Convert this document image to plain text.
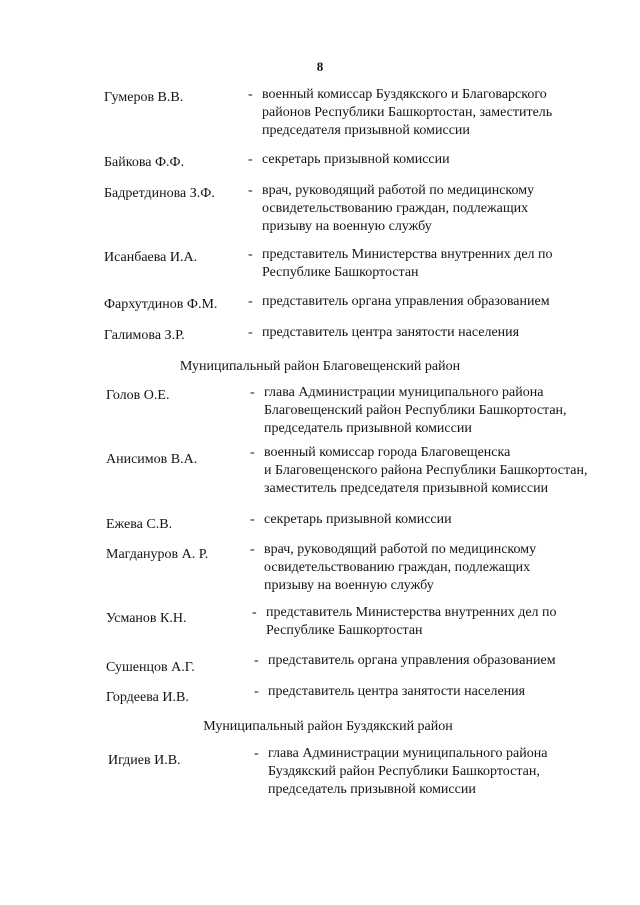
8
Гумеров В.В.	- военный комиссар Буздякского и Благоварского
районов Республики Башкортостан, заместитель
председателя призывной комиссии
Байкова Ф.Ф.	- секретарь призывной комиссии
Бадретдинова З.Ф. - врач, руководящий работой по медицинскому
освидетельствованию граждан, подлежащих
призыву на военную службу
Исанбаева И.А.	- представитель Министерства внутренних дел по
Республике Башкортостан
Фархутдинов Ф.М. - представитель органа управления образованием
Галимова З.Р.	- представитель центра занятости населения
Муниципальный район Благовещенский район
Голов О.Е.	- глава Администрации муниципального района
Благовещенский район Республики Башкортостан,
председатель призывной комиссии
Анисимов В.А.	- военный комиссар города Благовещенска
и Благовещенского района Республики Башкортостан,
заместитель председателя призывной комиссии
Ежева С.В.	- секретарь призывной комиссии
Магдануров А. Р.	- врач, руководящий работой по медицинскому
освидетельствованию граждан, подлежащих
призыву на военную службу
Усманов К.Н.	- представитель Министерства внутренних дел по
Республике Башкортостан
Сушенцов А.Г.	- представитель органа управления образованием
Гордеева И.В.	- представитель центра занятости населения
Муниципальный район Буздякский район
Игдиев И.В.	- глава Администрации муниципального района
Буздякский район Республики Башкортостан,
председатель призывной комиссии
